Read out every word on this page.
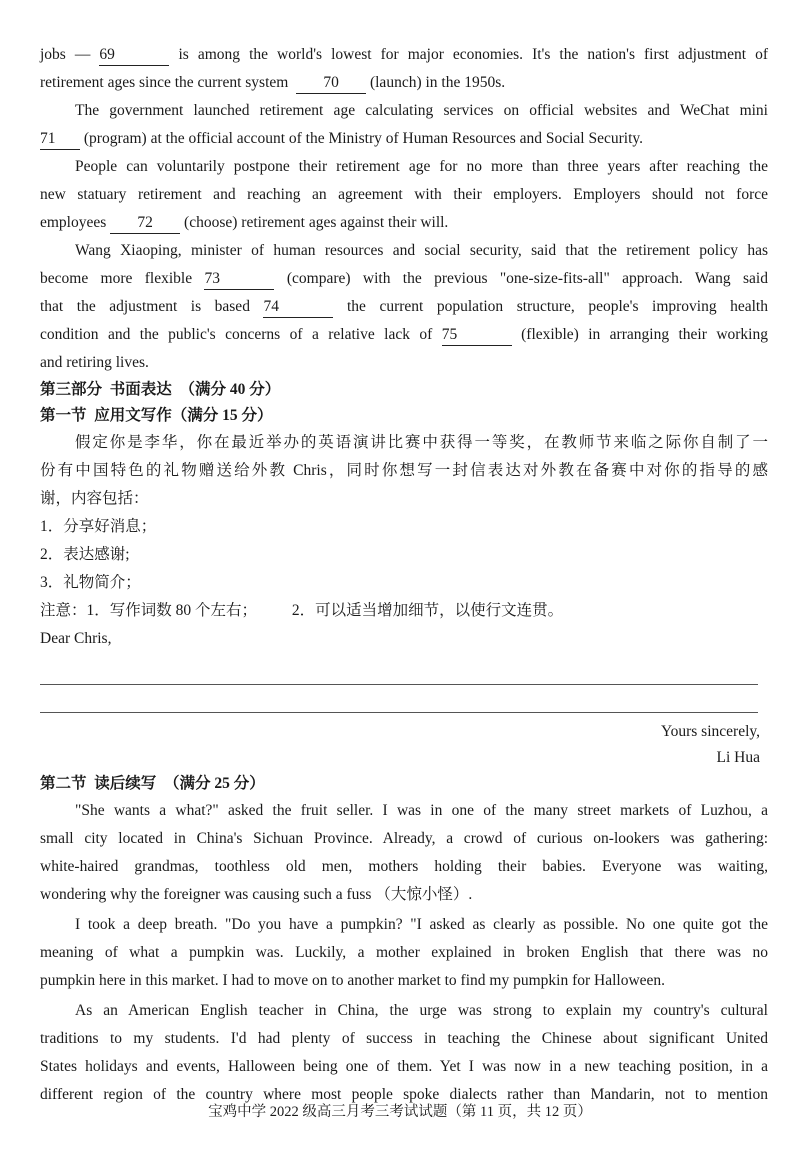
jobs — 69	is among the world's lowest for major economies. It's the nation's first adjustment of
retirement ages since the current system  70 (launch) in the 1950s.
The government launched retirement age calculating services on official websites and WeChat mini
71 (program) at the official account of the Ministry of Human Resources and Social Security.
People can voluntarily postpone their retirement age for no more than three years after reaching the
new statuary retirement and reaching an agreement with their employers. Employers should not force
employees 72 (choose) retirement ages against their will.
Wang Xiaoping, minister of human resources and social security, said that the retirement policy has
become more flexible 73	(compare) with the previous "one-size-fits-all" approach. Wang said
that the adjustment is based 74	the current population structure, people's improving health
condition and the public's concerns of a relative lack of 75	(flexible) in arranging their working
and retiring lives.
第三部分  书面表达  （满分 40 分）
第一节  应用文写作（满分 15 分）
假定你是李华，你在最近举办的英语演讲比赛中获得一等奖，在教师节来临之际你自制了一
份有中国特色的礼物赠送给外教 Chris，同时你想写一封信表达对外教在备赛中对你的指导的感
谢，内容包括：
1．分享好消息；
2．表达感谢;
3．礼物简介；
注意：1．写作词数 80 个左右；         2．可以适当增加细节，以使行文连贯。
Dear Chris,
Yours sincerely,
Li Hua
第二节  读后续写  （满分 25 分）
"She wants a what?" asked the fruit seller. I was in one of the many street markets of Luzhou, a
small city located in China's Sichuan Province. Already, a crowd of curious on-lookers was gathering:
white-haired grandmas, toothless old men, mothers holding their babies. Everyone was waiting,
wondering why the foreigner was causing such a fuss （大惊小怪）.
I took a deep breath. "Do you have a pumpkin? "I asked as clearly as possible. No one quite got the
meaning of what a pumpkin was. Luckily, a mother explained in broken English that there was no
pumpkin here in this market. I had to move on to another market to find my pumpkin for Halloween.
As an American English teacher in China, the urge was strong to explain my country's cultural
traditions to my students. I'd had plenty of success in teaching the Chinese about significant United
States holidays and events, Halloween being one of them. Yet I was now in a new teaching position, in a
different region of the country where most people spoke dialects rather than Mandarin, not to mention
宝鸡中学 2022 级高三月考三考试试题（第 11 页，共 12 页）
